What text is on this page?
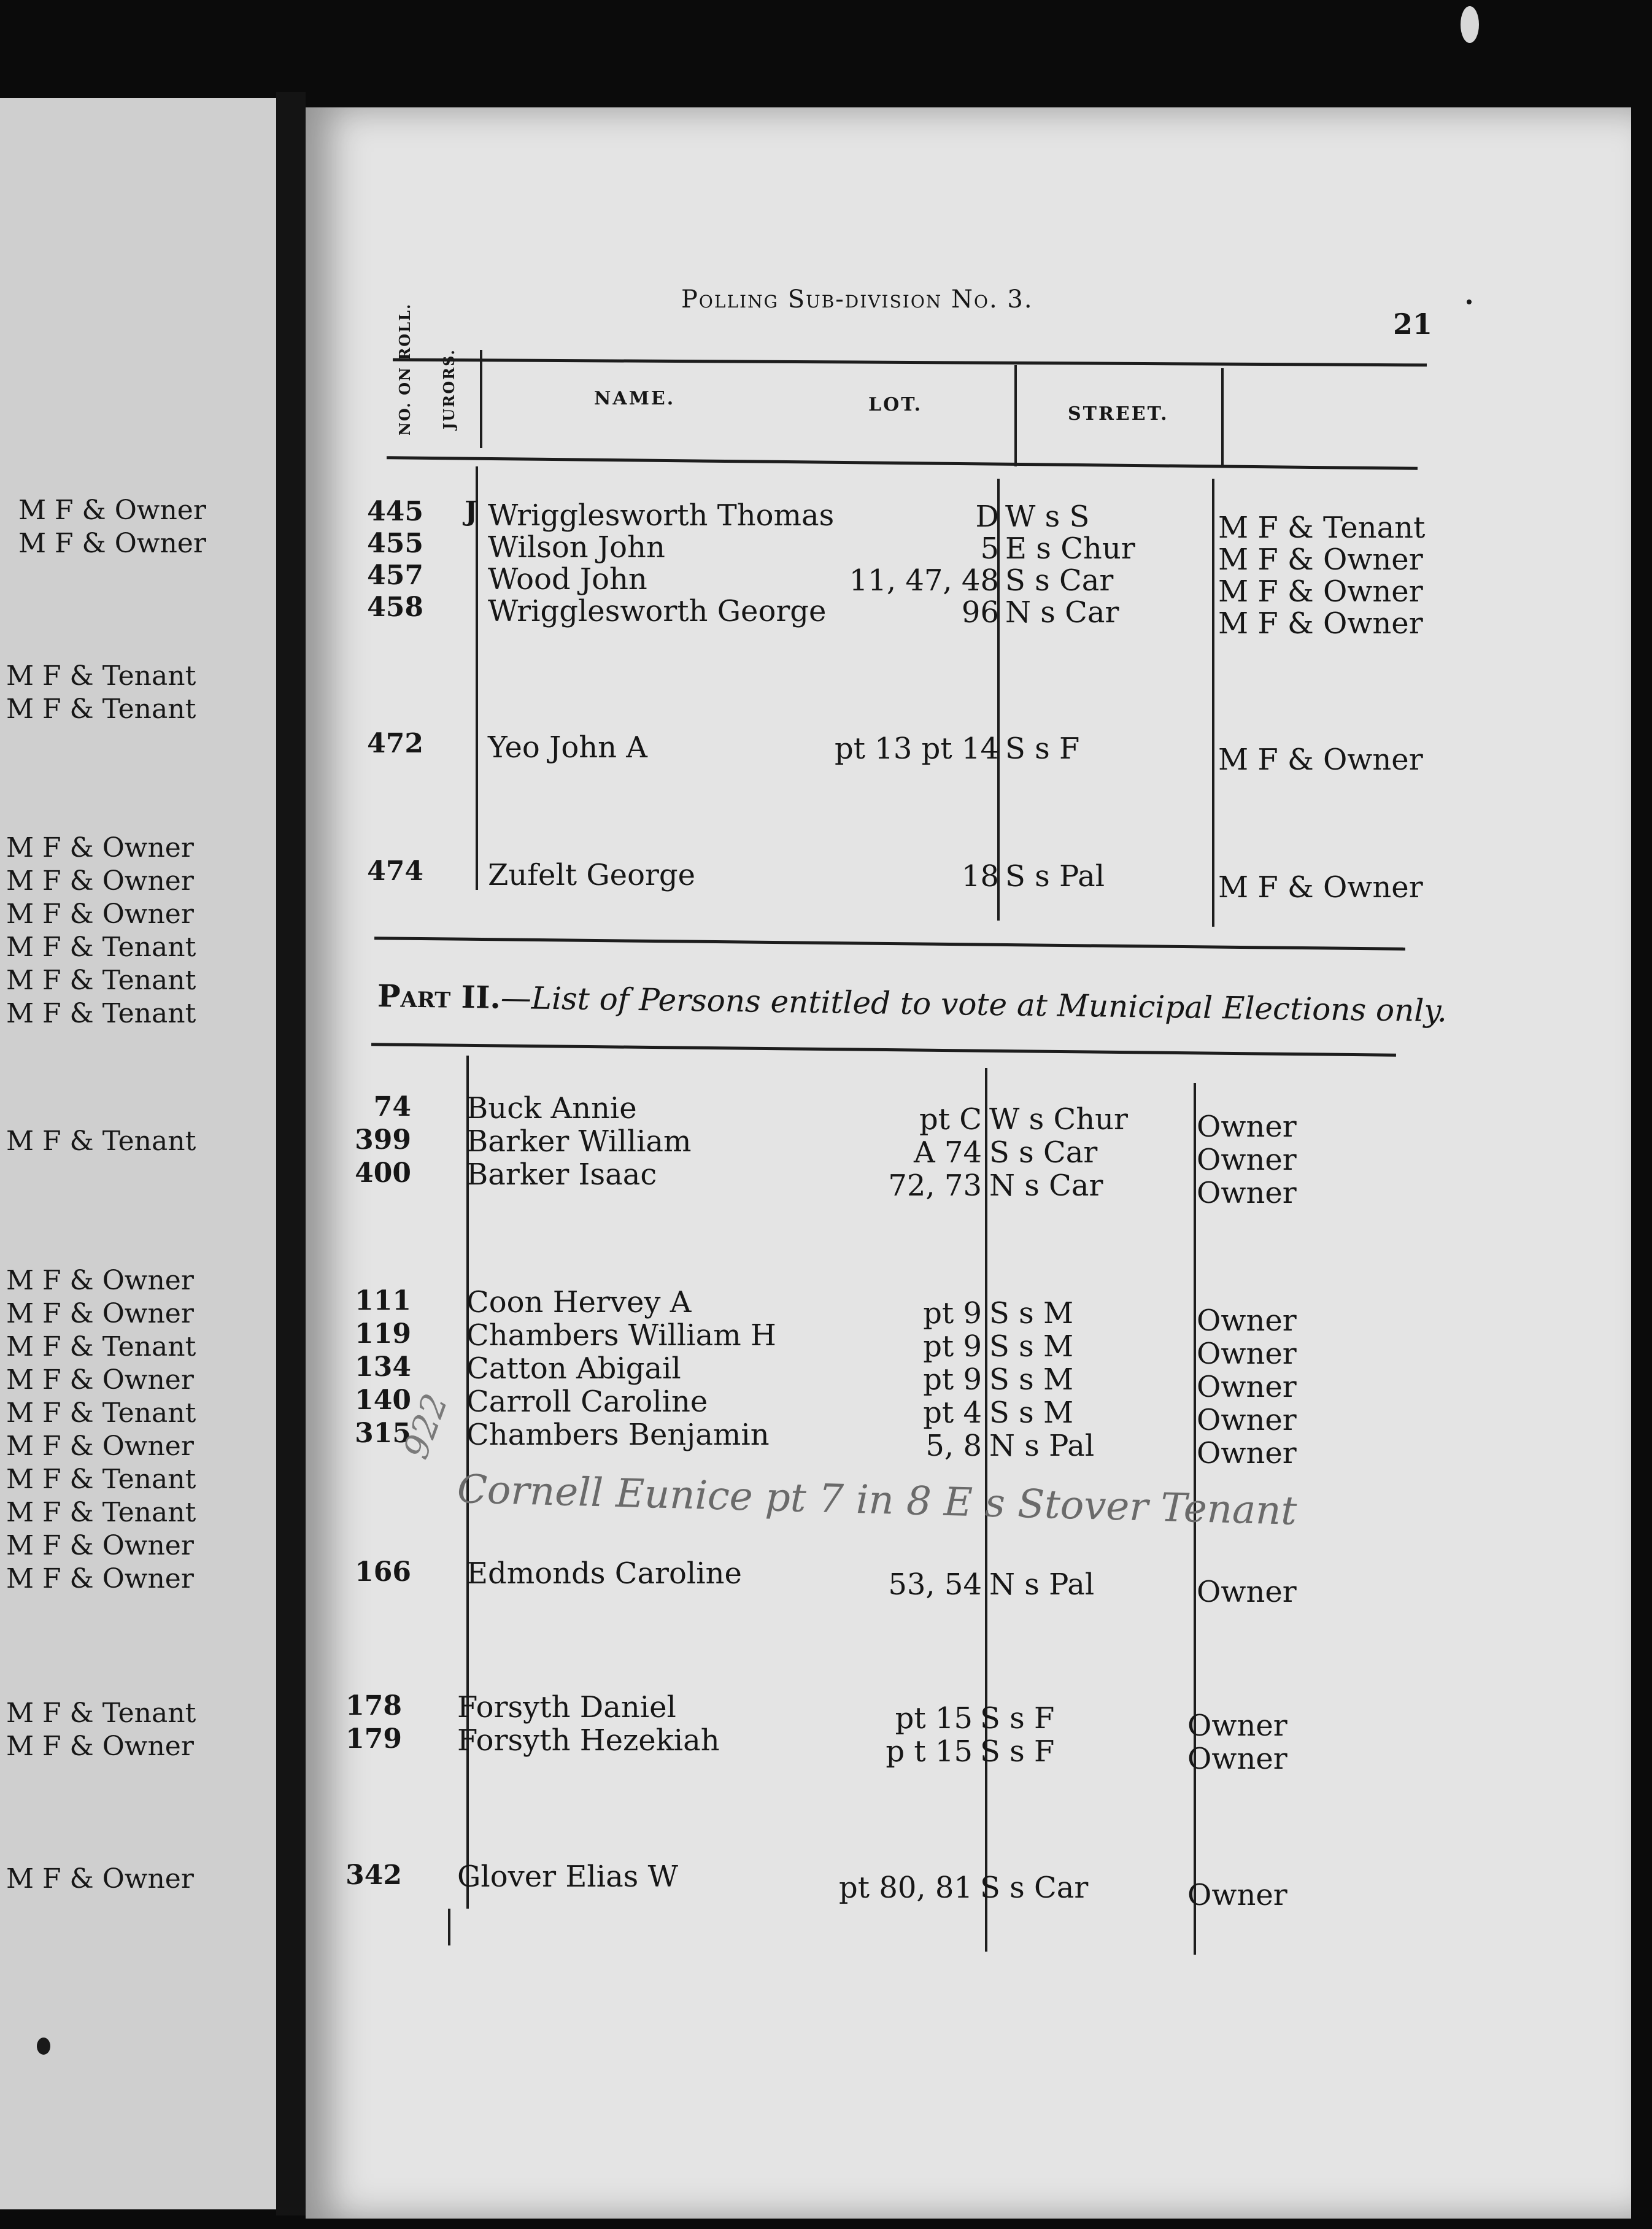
M F & Owner
M F & Owner
M F & Tenant
M F & Tenant
M F & Owner
M F & Owner
M F & Owner
M F & Tenant
M F & Tenant
M F & Tenant
M F & Tenant
M F & Owner
M F & Owner
M F & Tenant
M F & Owner
M F & Tenant
M F & Owner
M F & Tenant
M F & Tenant
M F & Owner
M F & Owner
M F & Tenant
M F & Owner
M F & Owner
Polling Sub-division No. 3.
21
NO. ON ROLL. JURORS.	NAME.	LOT.	STREET.
445	J Wrigglesworth Thomas	D W s S	M F & Tenant
455 Wilson John	5 E s Chur	M F & Owner
457 Wood John	11, 47, 48 S s Car	M F & Owner
458 Wrigglesworth George	96 N s Car	M F & Owner
472 Yeo John A	pt 13 pt 14 S s F	M F & Owner
474 Zufelt George	18 S s Pal	M F & Owner
Part II.—List of Persons entitled to vote at Municipal Elections only.
74 Buck Annie	pt C W s Chur Owner
399 Barker William	A 74 S s Car	Owner
400 Barker Isaac	72, 73 N s Car	Owner
111 Coon Hervey A	pt 9 S s M	Owner
119 Chambers William H	pt 9 S s M	Owner
134 Catton Abigail	pt 9 S s M	Owner
140 Carroll Caroline	pt 4 S s M	Owner
315 Chambers Benjamin	5, 8 N s Pal	Owner
166 Edmonds Caroline	53, 54 N s Pal	Owner
178 Forsyth Daniel	pt 15 S s F	Owner
179 Forsyth Hezekiah	p t 15 S s F	Owner
342 Glover Elias W	pt 80, 81 S s Car	Owner
922
Cornell Eunice pt 7 in 8 E s Stover Tenant
